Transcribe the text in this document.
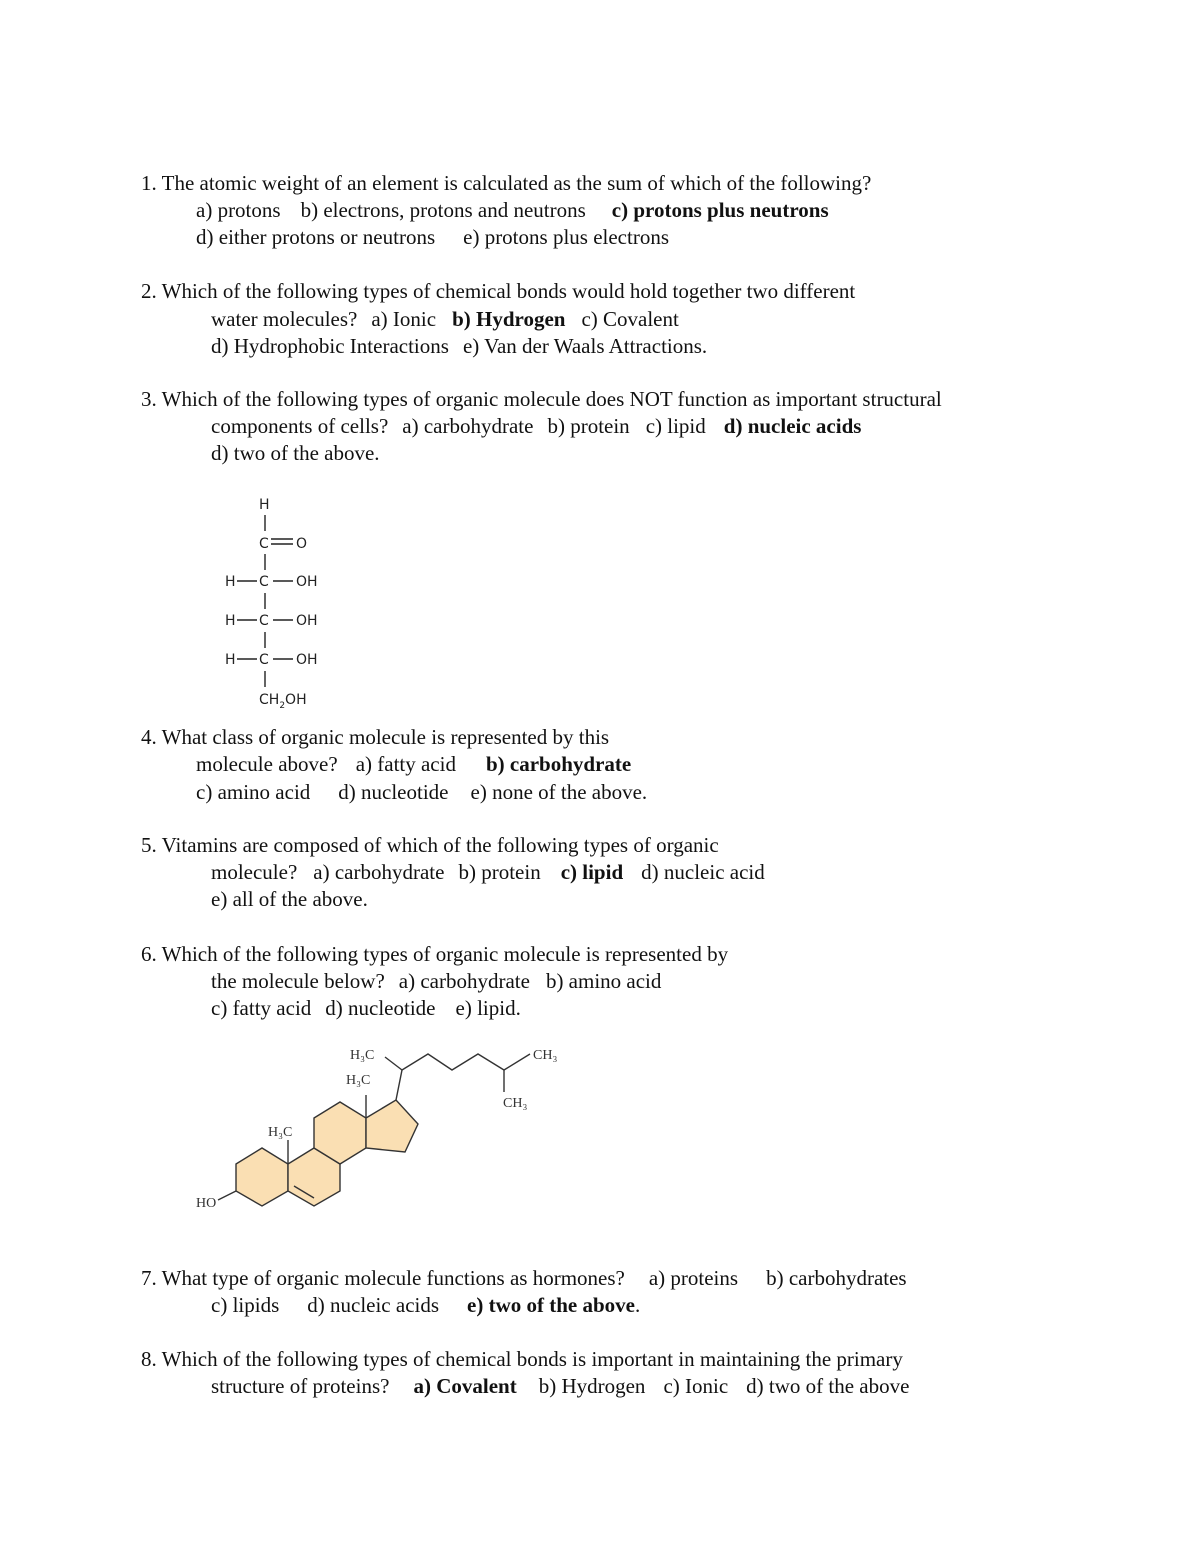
1. The atomic weight of an element is calculated as the sum of which of the following?
a) protons b) electrons, protons and neutrons c) protons plus neutrons
d) either protons or neutrons e) protons plus electrons
2. Which of the following types of chemical bonds would hold together two different
water molecules? a) Ionic b) Hydrogen c) Covalent
d) Hydrophobic Interactions e) Van der Waals Attractions.
3. Which of the following types of organic molecule does NOT function as important structural
components of cells? a) carbohydrate b) protein c) lipid d) nucleic acids
d) two of the above.
H
C O
H C OH
H C OH
H C OH
$CH_2OH$
4. What class of organic molecule is represented by this
molecule above? a) fatty acid b) carbohydrate
c) amino acid d) nucleotide e) none of the above.
5. Vitamins are composed of which of the following types of organic
molecule? a) carbohydrate b) protein c) lipid d) nucleic acid
e) all of the above.
6. Which of the following types of organic molecule is represented by
the molecule below? a) carbohydrate b) amino acid
c) fatty acid d) nucleotide e) lipid.
H₃C
H₃C
H₃C	CH₃
CH₃
HO
7. What type of organic molecule functions as hormones? a) proteins b) carbohydrates
c) lipids d) nucleic acids e) two of the above.
8. Which of the following types of chemical bonds is important in maintaining the primary
structure of proteins? a) Covalent b) Hydrogen c) Ionic d) two of the above
